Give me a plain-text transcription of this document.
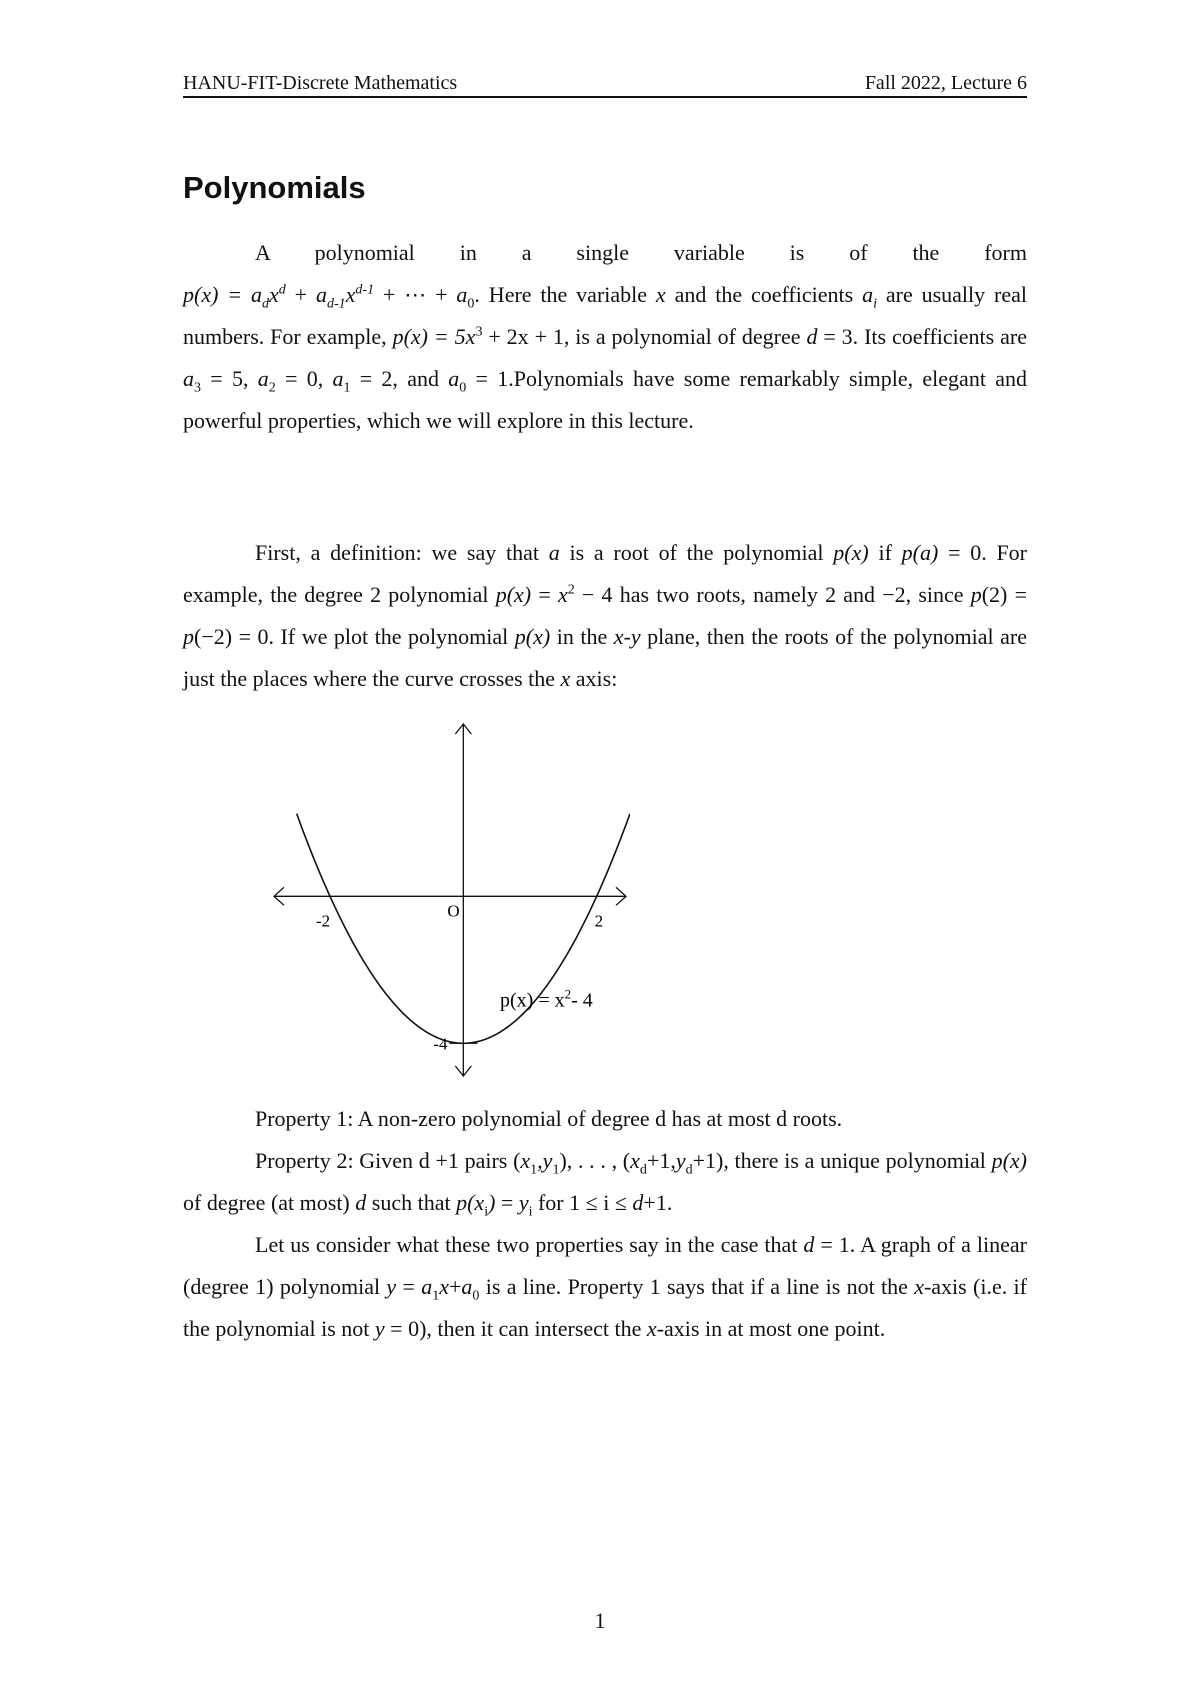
HANU-FIT-Discrete Mathematics	Fall 2022, Lecture 6
Polynomials
A polynomial in a single variable is of the form
$p(x) = a_dx^d + a_{d-1}x^{d-1}$ + ⋯ + $a_0$. Here the variable x and the coefficients $a_i$ are usually real numbers. For example, $p(x) = 5x^3 + 2x + 1$, is a polynomial of degree d = 3. Its coefficients are $a_3 = 5$, $a_2 = 0$, $a_1 = 2$, and $a_0$ = 1.Polynomials have some remarkably simple, elegant and powerful properties, which we will explore in this lecture.
First, a definition: we say that a is a root of the polynomial p(x) if p(a) = 0. For example, the degree 2 polynomial $p(x) = x^2 - 4$ has two roots, namely 2 and −2, since p(2) = p(−2) = 0. If we plot the polynomial p(x) in the x-y plane, then the roots of the polynomial are just the places where the curve crosses the x axis:
O
-2	2
-4
$p(x) = x^2-$ 4
Property 1: A non-zero polynomial of degree d has at most d roots.
Property 2: Given d +1 pairs $(x_1,y_1)$, . . . , $(x_d+1,y_d+1)$, there is a unique polynomial p(x) of degree (at most) d such that $p(x_i) = y_i$ for 1 ≤ i ≤ d+1.
Let us consider what these two properties say in the case that d = 1. A graph of a linear (degree 1) polynomial $y = a_1x+a_0$ is a line. Property 1 says that if a line is not the x-axis (i.e. if the polynomial is not y = 0), then it can intersect the x-axis in at most one point.
1
